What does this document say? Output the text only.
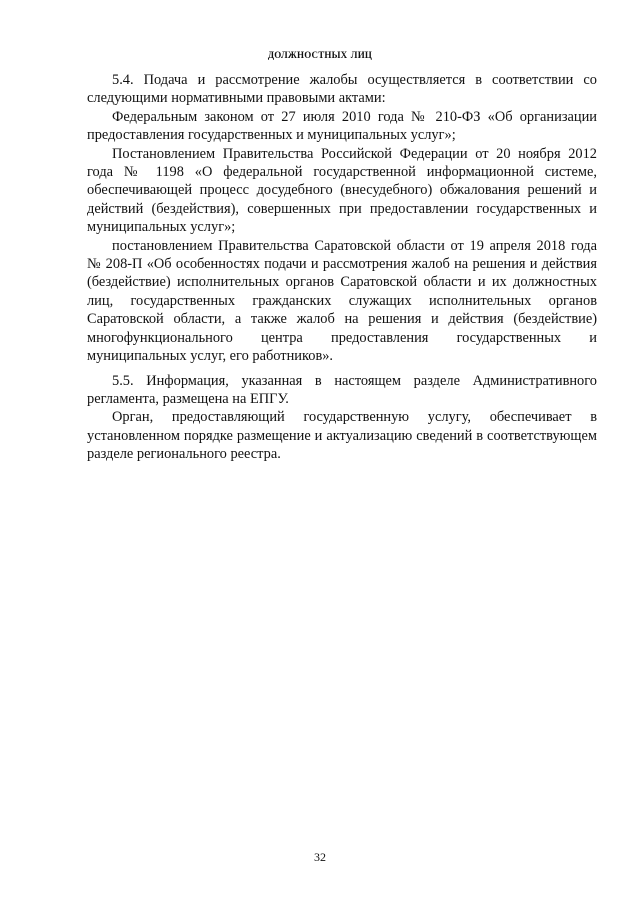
должностных лиц
5.4. Подача и рассмотрение жалобы осуществляется в соответствии со
следующими нормативными правовыми актами:
Федеральным законом от 27 июля 2010 года № 210-ФЗ «Об организации
предоставления государственных и муниципальных услуг»;
Постановлением Правительства Российской Федерации от 20 ноября 2012
года № 1198 «О федеральной государственной информационной системе,
обеспечивающей процесс досудебного (внесудебного) обжалования решений и
действий (бездействия), совершенных при предоставлении государственных и
муниципальных услуг»;
постановлением Правительства Саратовской области от 19 апреля 2018 года
№ 208-П «Об особенностях подачи и рассмотрения жалоб на решения и действия
(бездействие) исполнительных органов Саратовской области и их должностных
лиц, государственных гражданских служащих исполнительных органов
Саратовской области, а также жалоб на решения и действия (бездействие)
многофункционального центра предоставления государственных и
муниципальных услуг, его работников».
5.5. Информация, указанная в настоящем разделе Административного
регламента, размещена на ЕПГУ.
Орган, предоставляющий государственную услугу, обеспечивает в
установленном порядке размещение и актуализацию сведений в соответствующем
разделе регионального реестра.
32
